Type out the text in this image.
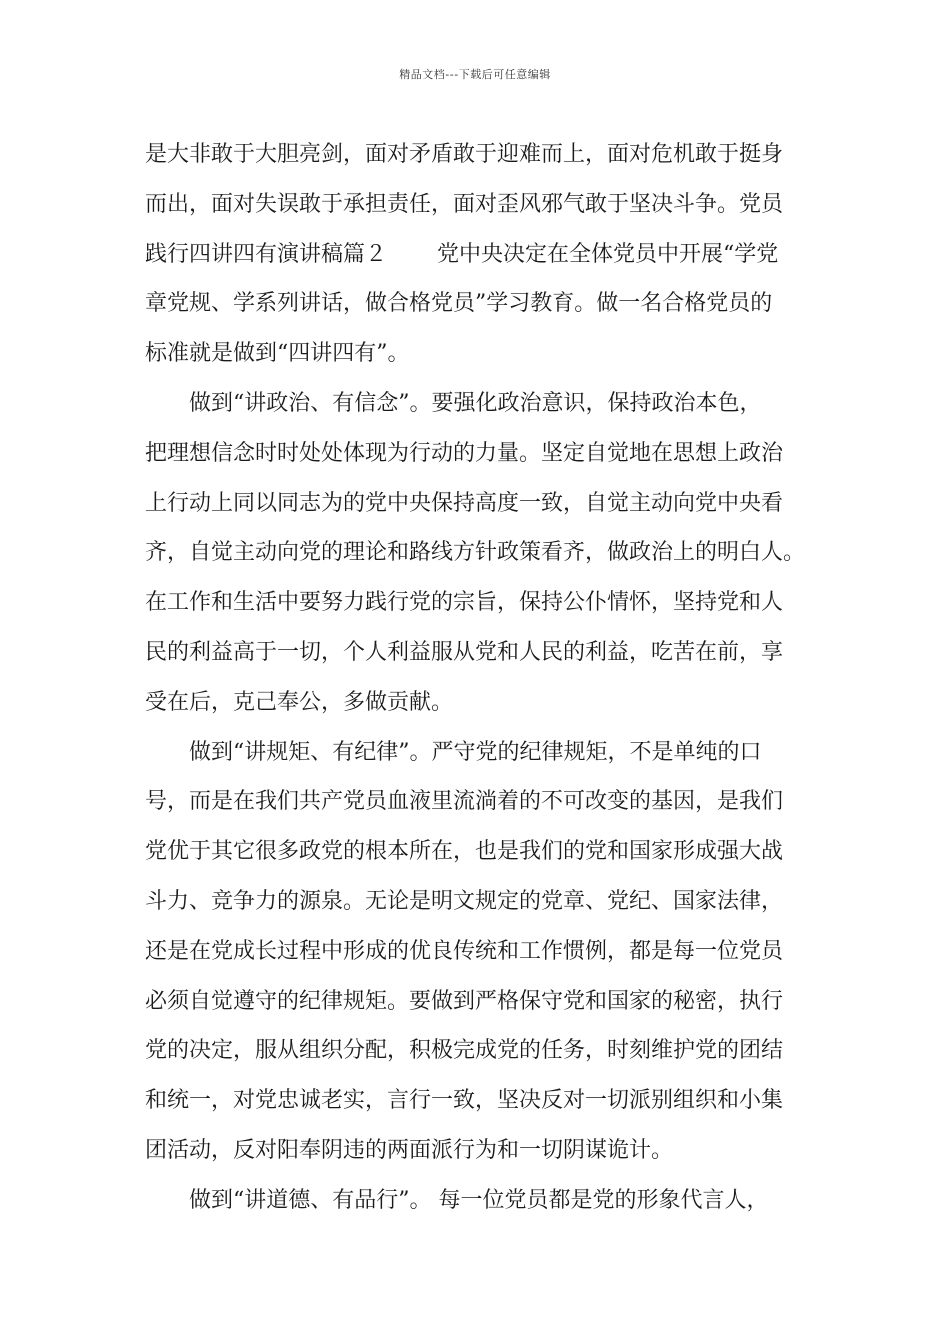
精品文档---下载后可任意编辑
是大非敢于大胆亮剑，面对矛盾敢于迎难而上，面对危机敢于挺身
而出，面对失误敢于承担责任，面对歪风邪气敢于坚决斗争。党员
践行四讲四有演讲稿篇２ 党中央决定在全体党员中开展“学党
章党规、学系列讲话，做合格党员”学习教育。做一名合格党员的
标准就是做到“四讲四有”。
做到“讲政治、有信念”。要强化政治意识，保持政治本色，
把理想信念时时处处体现为行动的力量。坚定自觉地在思想上政治
上行动上同以同志为的党中央保持高度一致，自觉主动向党中央看
齐，自觉主动向党的理论和路线方针政策看齐，做政治上的明白人。
在工作和生活中要努力践行党的宗旨，保持公仆情怀，坚持党和人
民的利益高于一切，个人利益服从党和人民的利益，吃苦在前，享
受在后，克己奉公，多做贡献。
做到“讲规矩、有纪律”。严守党的纪律规矩，不是单纯的口
号，而是在我们共产党员血液里流淌着的不可改变的基因，是我们
党优于其它很多政党的根本所在，也是我们的党和国家形成强大战
斗力、竞争力的源泉。无论是明文规定的党章、党纪、国家法律，
还是在党成长过程中形成的优良传统和工作惯例，都是每一位党员
必须自觉遵守的纪律规矩。要做到严格保守党和国家的秘密，执行
党的决定，服从组织分配，积极完成党的任务，时刻维护党的团结
和统一，对党忠诚老实，言行一致，坚决反对一切派别组织和小集
团活动，反对阳奉阴违的两面派行为和一切阴谋诡计。
做到“讲道德、有品行”。 每一位党员都是党的形象代言人，
